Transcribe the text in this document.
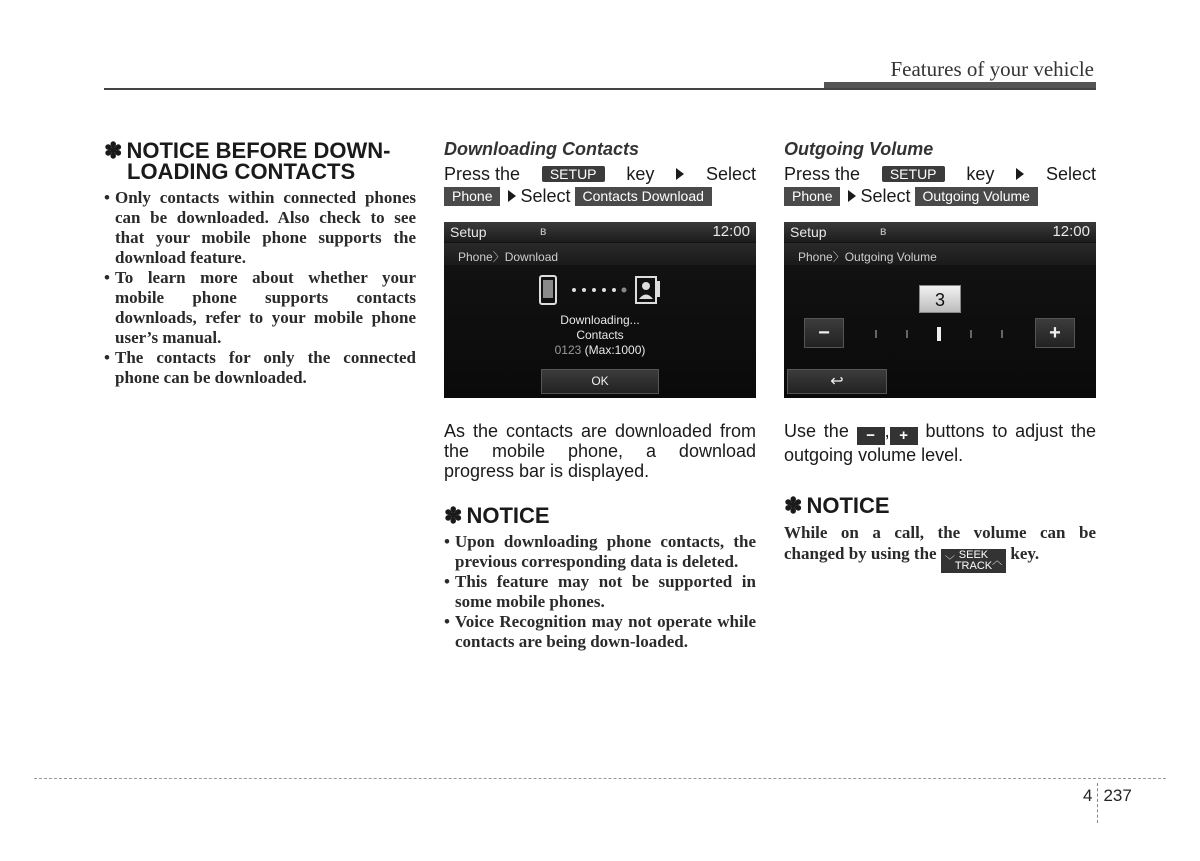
Features of your vehicle
✽ NOTICE BEFORE DOWN-
LOADING CONTACTS
• Only contacts within connected phones can be downloaded. Also check to see that your mobile phone supports the download feature.
• To learn more about whether your mobile phone supports contacts downloads, refer to your mobile phone user’s manual.
• The contacts for only the connected phone can be downloaded.
Downloading Contacts
Press the	SETUP	key	Select
Phone	Select Contacts Download
Setup	ʙ	12:00
Phone〉Download
Downloading...
Contacts
0123 (Max:1000)
OK
As the contacts are downloaded from the mobile phone, a download progress bar is displayed.
✽ NOTICE
• Upon downloading phone contacts, the previous corresponding data is deleted.
• This feature may not be supported in some mobile phones.
• Voice Recognition may not operate while contacts are being down-loaded.
Outgoing Volume
Press the	SETUP	key	Select
Phone	Select Outgoing Volume
Setup	ʙ	12:00
Phone〉Outgoing Volume
3
−	+
↩
Use the − , + buttons to adjust the outgoing volume level.
✽ NOTICE
While on a call, the volume can be changed by using the ﹀
SEEK
TRACK ︿ key.
4 237
